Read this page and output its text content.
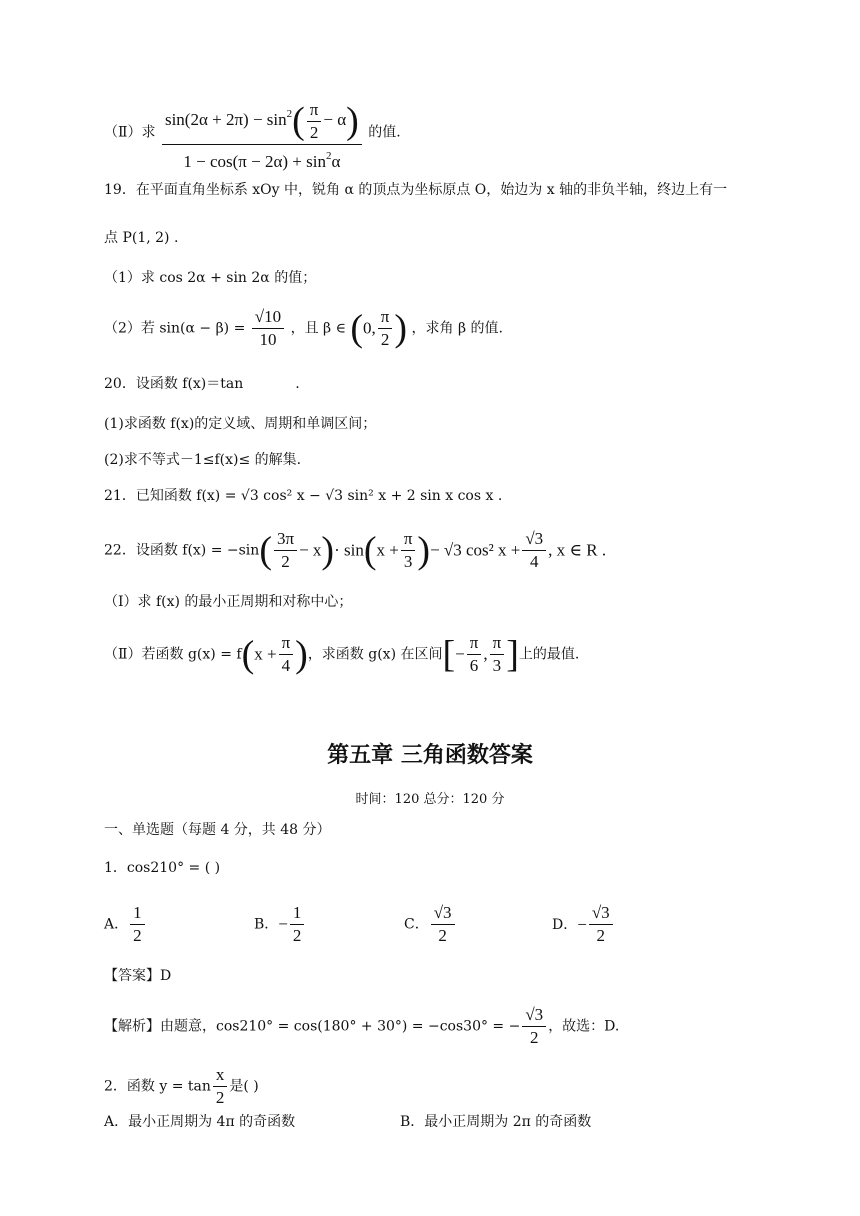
（Ⅱ）求 $\frac{\sin(2\alpha + 2\pi) - \sin^2( \frac{\pi}{2} - \alpha)}{1 - \cos(\pi - 2\alpha) + \sin^2\alpha}$ 的值.
19．在平面直角坐标系 xOy 中，锐角 α 的顶点为坐标原点 O，始边为 x 轴的非负半轴，终边上有一
点 P(1, 2) .
（1）求 cos 2α + sin 2α 的值；
（2）若 $\sin(\alpha - \beta) = \frac{√10}{10}$ ，且 β ∈ (0, $\frac{\pi}{2}$ ) ，求角 β 的值.
20．设函数 f(x)＝tan	.
(1)求函数 f(x)的定义域、周期和单调区间；
(2)求不等式－1≤f(x)≤ 的解集.
21．已知函数 f(x) = √3 cos² x − √3 sin² x + 2 sin x cos x .
22．设函数 $f(x) = -\sin( \frac{3\pi}{2} - x)\cdot \sin(x + \frac{\pi}{3}$ )− √3 cos² $x + \frac{√3}{4}$ , x ∈ R .
（Ⅰ）求 f(x) 的最小正周期和对称中心；
（Ⅱ）若函数 $g(x) = f(x + \frac{\pi}{4}$ )，求函数 g(x) 在区间[− $\frac{\pi}{6}$ , $\frac{\pi}{3}$ ]上的最值.
第五章 三角函数答案
时间：120 总分：120 分
一、单选题（每题 4 分，共 48 分）
1．cos210° = ( )
A． $\frac{1}{2}$	B．− $\frac{1}{2}$	C． $\frac{√3}{2}$	D．− $\frac{√3}{2}$
【答案】D
【解析】由题意，cos210° = cos(180° + 30°) = −cos30° = − $\frac{√3}{2}$ ，故选：D.
2．函数 $y = \tan \frac{x}{2}$ 是( )
A．最小正周期为 4π 的奇函数	B．最小正周期为 2π 的奇函数
